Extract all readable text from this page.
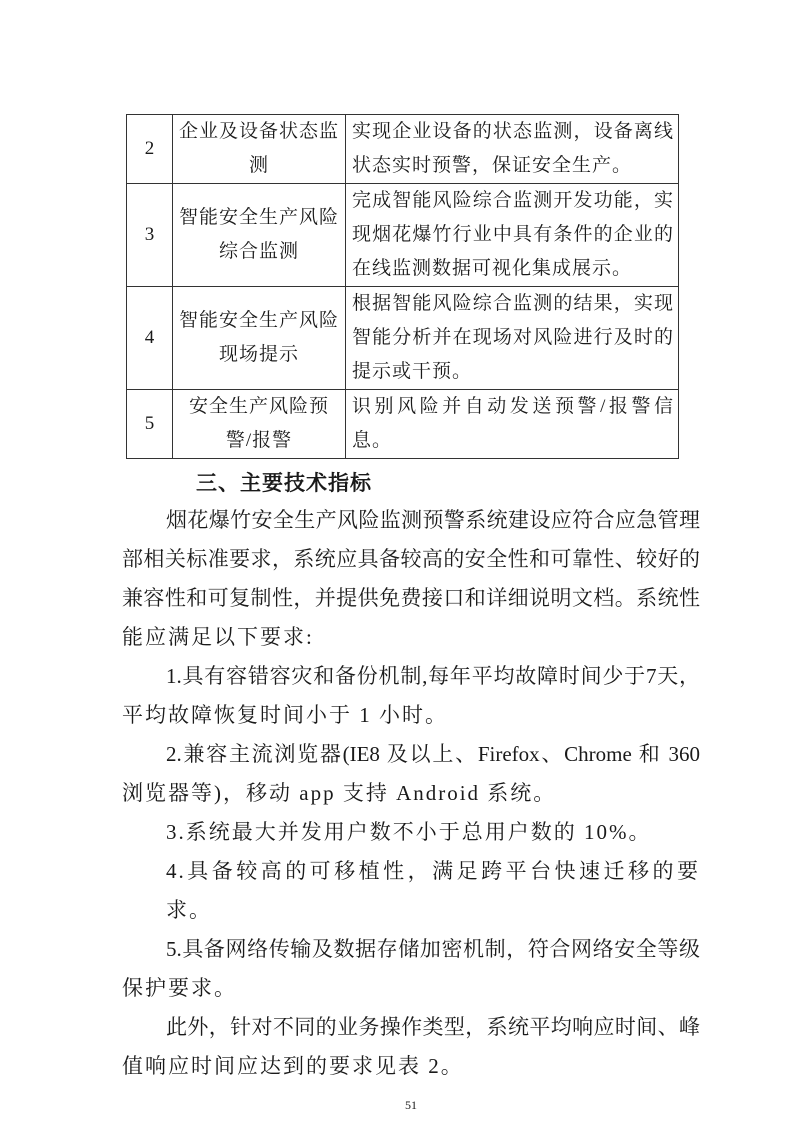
2	企业及设备状态监测	实现企业设备的状态监测，设备离线状态实时预警，保证安全生产。
3	智能安全生产风险综合监测	完成智能风险综合监测开发功能，实现烟花爆竹行业中具有条件的企业的在线监测数据可视化集成展示。
4	智能安全生产风险现场提示	根据智能风险综合监测的结果，实现智能分析并在现场对风险进行及时的提示或干预。
5	安全生产风险预警/报警	识别风险并自动发送预警/报警信息。
三、主要技术指标
烟花爆竹安全生产风险监测预警系统建设应符合应急管理
部相关标准要求，系统应具备较高的安全性和可靠性、较好的
兼容性和可复制性，并提供免费接口和详细说明文档。系统性
能应满足以下要求:
1.具有容错容灾和备份机制,每年平均故障时间少于7天，
平均故障恢复时间小于 1 小时。
2.兼容主流浏览器(IE8 及以上、Firefox、Chrome 和 360
浏览器等)，移动 app 支持 Android 系统。
3.系统最大并发用户数不小于总用户数的 10%。
4.具备较高的可移植性，满足跨平台快速迁移的要求。
5.具备网络传输及数据存储加密机制，符合网络安全等级
保护要求。
此外，针对不同的业务操作类型，系统平均响应时间、峰
值响应时间应达到的要求见表 2。
51
